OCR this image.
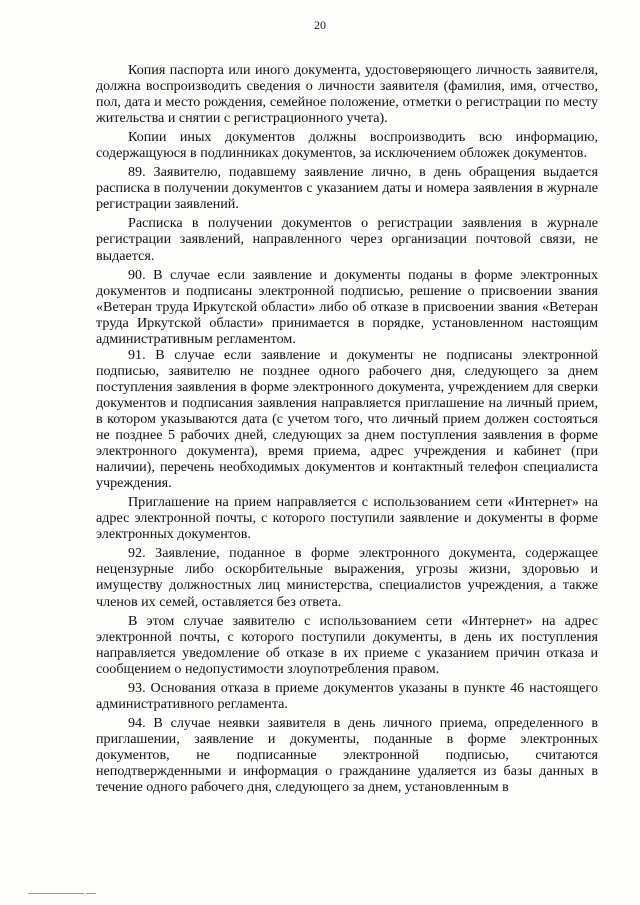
20

Копия паспорта или иного документа, удостоверяющего личность заявителя, должна воспроизводить сведения о личности заявителя (фамилия, имя, отчество, пол, дата и место рождения, семейное положение, отметки о регистрации по месту жительства и снятии с регистрационного учета).

Копии иных документов должны воспроизводить всю информацию, содержащуюся в подлинниках документов, за исключением обложек документов.

89. Заявителю, подавшему заявление лично, в день обращения выдается расписка в получении документов с указанием даты и номера заявления в журнале регистрации заявлений.

Расписка в получении документов о регистрации заявления в журнале регистрации заявлений, направленного через организации почтовой связи, не выдается.

90. В случае если заявление и документы поданы в форме электронных документов и подписаны электронной подписью, решение о присвоении звания «Ветеран труда Иркутской области» либо об отказе в присвоении звания «Ветеран труда Иркутской области» принимается в порядке, установленном настоящим административным регламентом.

91. В случае если заявление и документы не подписаны электронной подписью, заявителю не позднее одного рабочего дня, следующего за днем поступления заявления в форме электронного документа, учреждением для сверки документов и подписания заявления направляется приглашение на личный прием, в котором указываются дата (с учетом того, что личный прием должен состояться не позднее 5 рабочих дней, следующих за днем поступления заявления в форме электронного документа), время приема, адрес учреждения и кабинет (при наличии), перечень необходимых документов и контактный телефон специалиста учреждения.

Приглашение на прием направляется с использованием сети «Интернет» на адрес электронной почты, с которого поступили заявление и документы в форме электронных документов.

92. Заявление, поданное в форме электронного документа, содержащее нецензурные либо оскорбительные выражения, угрозы жизни, здоровью и имуществу должностных лиц министерства, специалистов учреждения, а также членов их семей, оставляется без ответа.

В этом случае заявителю с использованием сети «Интернет» на адрес электронной почты, с которого поступили документы, в день их поступления направляется уведомление об отказе в их приеме с указанием причин отказа и сообщением о недопустимости злоупотребления правом.

93. Основания отказа в приеме документов указаны в пункте 46 настоящего административного регламента.

94. В случае неявки заявителя в день личного приема, определенного в приглашении, заявление и документы, поданные в форме электронных документов, не подписанные электронной подписью, считаются неподтвержденными и информация о гражданине удаляется из базы данных в течение одного рабочего дня, следующего за днем, установленным в
